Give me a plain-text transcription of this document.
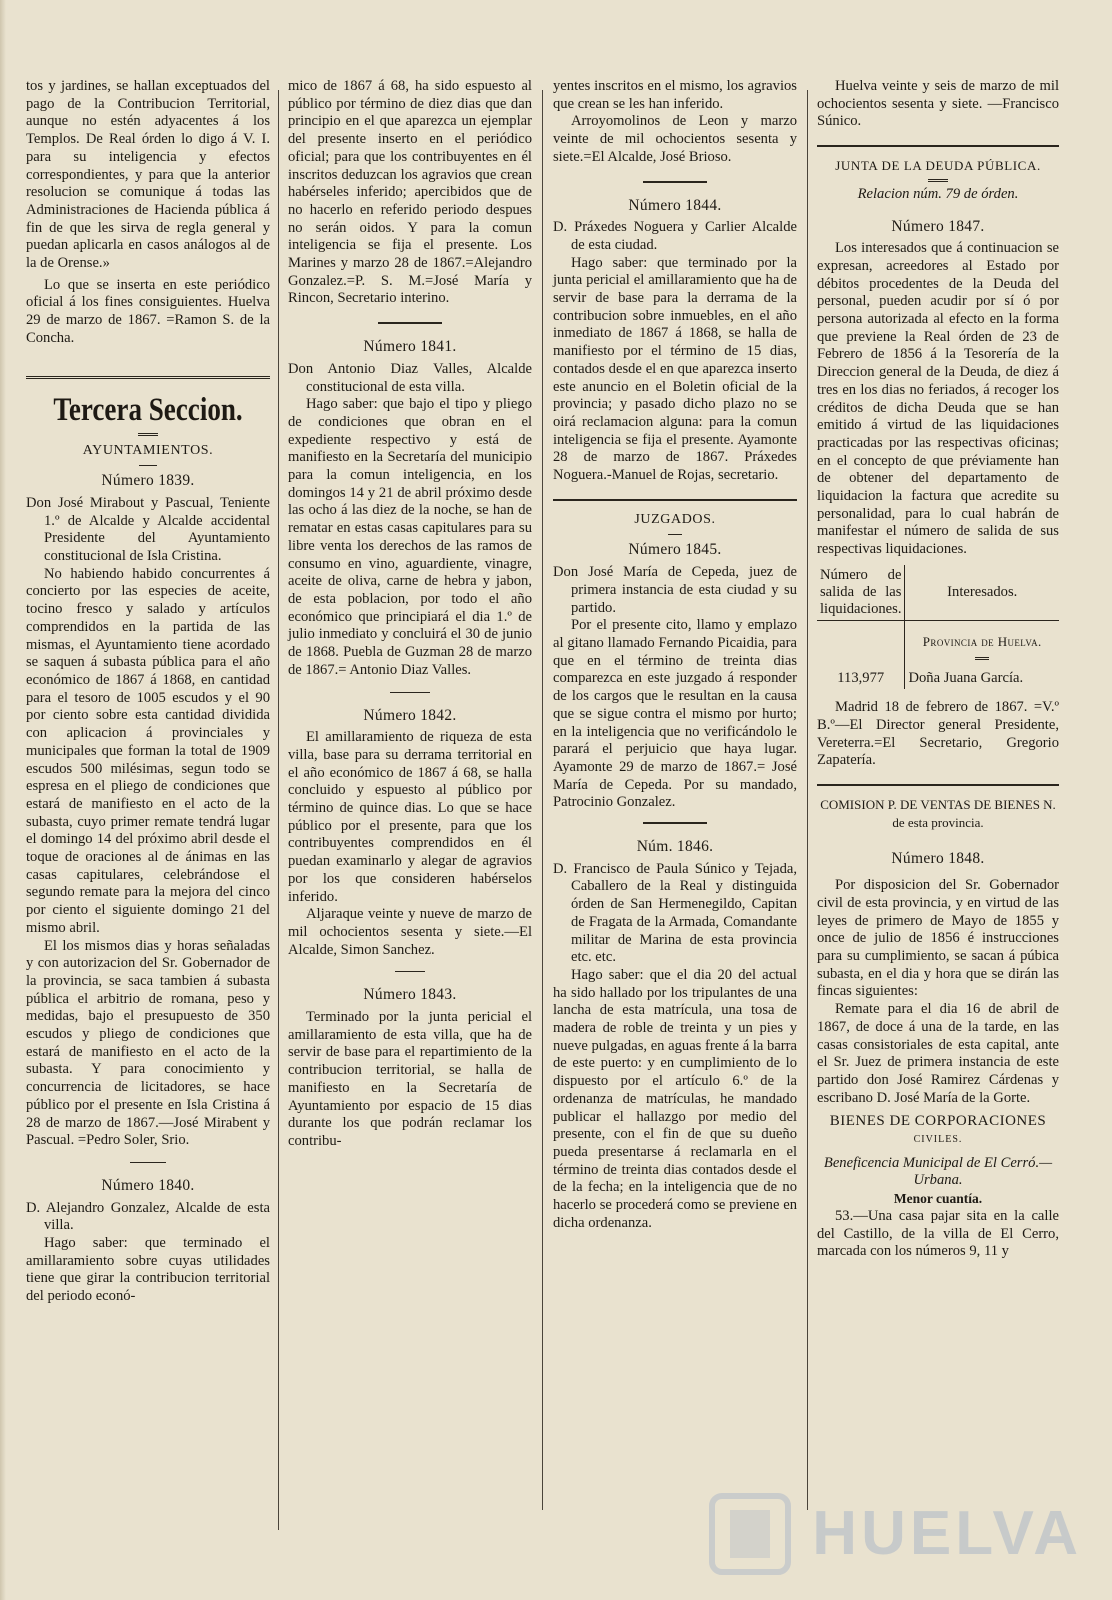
tos y jardines, se hallan exceptuados del pago de la Contribucion Territorial, aunque no estén adyacentes á los Templos. De Real órden lo digo á V. I. para su inteligencia y efectos correspondientes, y para que la anterior resolucion se comunique á todas las Administraciones de Hacienda pública á fin de que les sirva de regla general y puedan aplicarla en casos análogos al de la de Orense.»

Lo que se inserta en este periódico oficial á los fines consiguientes. Huelva 29 de marzo de 1867. =Ramon S. de la Concha.

Tercera Seccion.
AYUNTAMIENTOS.
Número 1839.

Don José Mirabout y Pascual, Teniente 1.º de Alcalde y Alcalde accidental Presidente del Ayuntamiento constitucional de Isla Cristina.

No habiendo habido concurrentes á concierto por las especies de aceite, tocino fresco y salado y artículos comprendidos en la partida de las mismas, el Ayuntamiento tiene acordado se saquen á subasta pública para el año económico de 1867 á 1868, en cantidad para el tesoro de 1005 escudos y el 90 por ciento sobre esta cantidad dividida con aplicacion á provinciales y municipales que forman la total de 1909 escudos 500 milésimas, segun todo se espresa en el pliego de condiciones que estará de manifiesto en el acto de la subasta, cuyo primer remate tendrá lugar el domingo 14 del próximo abril desde el toque de oraciones al de ánimas en las casas capitulares, celebrándose el segundo remate para la mejora del cinco por ciento el siguiente domingo 21 del mismo abril.

El los mismos dias y horas señaladas y con autorizacion del Sr. Gobernador de la provincia, se saca tambien á subasta pública el arbitrio de romana, peso y medidas, bajo el presupuesto de 350 escudos y pliego de condiciones que estará de manifiesto en el acto de la subasta. Y para conocimiento y concurrencia de licitadores, se hace público por el presente en Isla Cristina á 28 de marzo de 1867.—José Mirabent y Pascual. =Pedro Soler, Srio.

Número 1840.

D. Alejandro Gonzalez, Alcalde de esta villa.

Hago saber: que terminado el amillaramiento sobre cuyas utilidades tiene que girar la contribucion territorial del periodo econó-

mico de 1867 á 68, ha sido espuesto al público por término de diez dias que dan principio en el que aparezca un ejemplar del presente inserto en el periódico oficial; para que los contribuyentes en él inscritos deduzcan los agravios que crean habérseles inferido; apercibidos que de no hacerlo en referido periodo despues no serán oidos. Y para la comun inteligencia se fija el presente. Los Marines y marzo 28 de 1867.=Alejandro Gonzalez.=P. S. M.=José María y Rincon, Secretario interino.

Número 1841.

Don Antonio Diaz Valles, Alcalde constitucional de esta villa.

Hago saber: que bajo el tipo y pliego de condiciones que obran en el expediente respectivo y está de manifiesto en la Secretaría del municipio para la comun inteligencia, en los domingos 14 y 21 de abril próximo desde las ocho á las diez de la noche, se han de rematar en estas casas capitulares para su libre venta los derechos de las ramos de consumo en vino, aguardiente, vinagre, aceite de oliva, carne de hebra y jabon, de esta poblacion, por todo el año económico que principiará el dia 1.º de julio inmediato y concluirá el 30 de junio de 1868. Puebla de Guzman 28 de marzo de 1867.= Antonio Diaz Valles.

Número 1842.

El amillaramiento de riqueza de esta villa, base para su derrama territorial en el año económico de 1867 á 68, se halla concluido y espuesto al público por término de quince dias. Lo que se hace público por el presente, para que los contribuyentes comprendidos en él puedan examinarlo y alegar de agravios por los que consideren habérselos inferido.

Aljaraque veinte y nueve de marzo de mil ochocientos sesenta y siete.—El Alcalde, Simon Sanchez.

Número 1843.

Terminado por la junta pericial el amillaramiento de esta villa, que ha de servir de base para el repartimiento de la contribucion territorial, se halla de manifiesto en la Secretaría de Ayuntamiento por espacio de 15 dias durante los que podrán reclamar los contribu-

yentes inscritos en el mismo, los agravios que crean se les han inferido.

Arroyomolinos de Leon y marzo veinte de mil ochocientos sesenta y siete.=El Alcalde, José Brioso.

Número 1844.

D. Práxedes Noguera y Carlier Alcalde de esta ciudad.

Hago saber: que terminado por la junta pericial el amillaramiento que ha de servir de base para la derrama de la contribucion sobre inmuebles, en el año inmediato de 1867 á 1868, se halla de manifiesto por el término de 15 dias, contados desde el en que aparezca inserto este anuncio en el Boletin oficial de la provincia; y pasado dicho plazo no se oirá reclamacion alguna: para la comun inteligencia se fija el presente. Ayamonte 28 de marzo de 1867. Práxedes Noguera.-Manuel de Rojas, secretario.

JUZGADOS.
Número 1845.

Don José María de Cepeda, juez de primera instancia de esta ciudad y su partido.

Por el presente cito, llamo y emplazo al gitano llamado Fernando Picaidia, para que en el término de treinta dias comparezca en este juzgado á responder de los cargos que le resultan en la causa que se sigue contra el mismo por hurto; en la inteligencia que no verificándolo le parará el perjuicio que haya lugar. Ayamonte 29 de marzo de 1867.= José María de Cepeda. Por su mandado, Patrocinio Gonzalez.

Núm. 1846.

D. Francisco de Paula Súnico y Tejada, Caballero de la Real y distinguida órden de San Hermenegildo, Capitan de Fragata de la Armada, Comandante militar de Marina de esta provincia etc. etc.

Hago saber: que el dia 20 del actual ha sido hallado por los tripulantes de una lancha de esta matrícula, una tosa de madera de roble de treinta y un pies y nueve pulgadas, en aguas frente á la barra de este puerto: y en cumplimiento de lo dispuesto por el artículo 6.º de la ordenanza de matrículas, he mandado publicar el hallazgo por medio del presente, con el fin de que su dueño pueda presentarse á reclamarla en el término de treinta dias contados desde el de la fecha; en la inteligencia que de no hacerlo se procederá como se previene en dicha ordenanza.

Huelva veinte y seis de marzo de mil ochocientos sesenta y siete. —Francisco Súnico.

JUNTA DE LA DEUDA PÚBLICA.

Relacion núm. 79 de órden.

Número 1847.

Los interesados que á continuacion se expresan, acreedores al Estado por débitos procedentes de la Deuda del personal, pueden acudir por sí ó por persona autorizada al efecto en la forma que previene la Real órden de 23 de Febrero de 1856 á la Tesorería de la Direccion general de la Deuda, de diez á tres en los dias no feriados, á recoger los créditos de dicha Deuda que se han emitido á virtud de las liquidaciones practicadas por las respectivas oficinas; en el concepto de que préviamente han de obtener del departamento de liquidacion la factura que acredite su personalidad, para lo cual habrán de manifestar el número de salida de sus respectivas liquidaciones.

Número de salida de las liquidaciones.	Interesados.
	Provincia de Huelva.

113,977	Doña Juana García.

Madrid 18 de febrero de 1867. =V.º B.º—El Director general Presidente, Vereterra.=El Secretario, Gregorio Zapatería.

COMISION P. DE VENTAS DE BIENES N. de esta provincia.

Número 1848.

Por disposicion del Sr. Gobernador civil de esta provincia, y en virtud de las leyes de primero de Mayo de 1855 y once de julio de 1856 é instrucciones para su cumplimiento, se sacan á púbica subasta, en el dia y hora que se dirán las fincas siguientes:

Remate para el dia 16 de abril de 1867, de doce á una de la tarde, en las casas consistoriales de esta capital, ante el Sr. Juez de primera instancia de este partido don José Ramirez Cárdenas y escribano D. José María de la Gorte.

BIENES DE CORPORACIONES
CIVILES.

Beneficencia Municipal de El Cerró.—Urbana.

Menor cuantía.

53.—Una casa pajar sita en la calle del Castillo, de la villa de El Cerro, marcada con los números 9, 11 y

HUELVA
